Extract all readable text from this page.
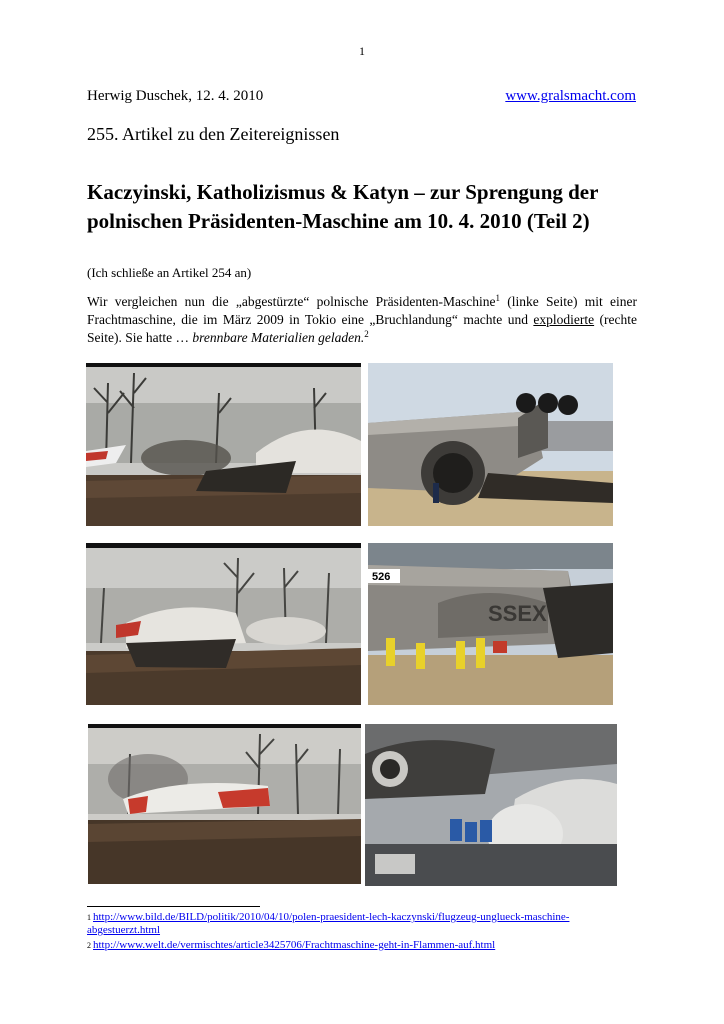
1
Herwig Duschek, 12. 4. 2010	www.gralsmacht.com
255. Artikel zu den Zeitereignissen
Kaczyinski, Katholizismus & Katyn – zur Sprengung der
polnischen Präsidenten-Maschine am 10. 4. 2010 (Teil 2)
(Ich schließe an Artikel 254 an)
Wir vergleichen nun die „abgestürzte“ polnische Präsidenten-Maschine$^1$ (linke Seite) mit einer Frachtmaschine, die im März 2009 in Tokio eine „Bruchlandung“ machte und explodierte (rechte Seite). Sie hatte … brennbare Materialien geladen.$^2$
SSEX
526
$^1$ http://www.bild.de/BILD/politik/2010/04/10/polen-praesident-lech-kaczynski/flugzeug-unglueck-maschine-
abgestuerzt.html
$^2$ http://www.welt.de/vermischtes/article3425706/Frachtmaschine-geht-in-Flammen-auf.html
